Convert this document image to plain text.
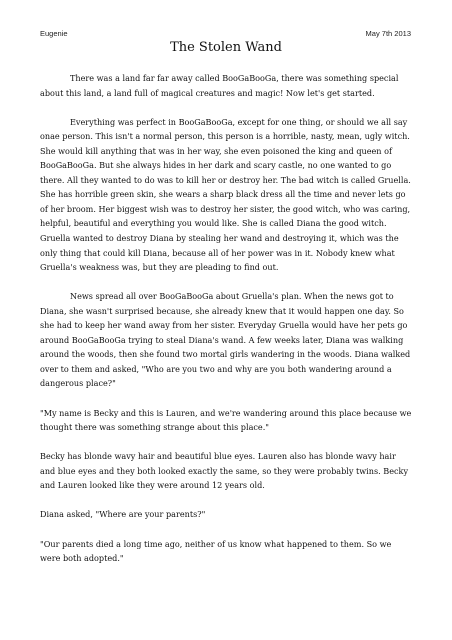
Eugenie	May 7th 2013
The Stolen Wand

There was a land far far away called BooGaBooGa, there was something special about this land, a land full of magical creatures and magic! Now let's get started.

Everything was perfect in BooGaBooGa, except for one thing, or should we all say onae person. This isn't a normal person, this person is a horrible, nasty, mean, ugly witch. She would kill anything that was in her way, she even poisoned the king and queen of BooGaBooGa. But she always hides in her dark and scary castle, no one wanted to go there. All they wanted to do was to kill her or destroy her. The bad witch is called Gruella. She has horrible green skin, she wears a sharp black dress all the time and never lets go of her broom. Her biggest wish was to destroy her sister, the good witch, who was caring, helpful, beautiful and everything you would like. She is called Diana the good witch. Gruella wanted to destroy Diana by stealing her wand and destroying it, which was the only thing that could kill Diana, because all of her power was in it. Nobody knew what Gruella's weakness was, but they are pleading to find out.

News spread all over BooGaBooGa about Gruella's plan. When the news got to Diana, she wasn't surprised because, she already knew that it would happen one day. So she had to keep her wand away from her sister. Everyday Gruella would have her pets go around BooGaBooGa trying to steal Diana's wand. A few weeks later, Diana was walking around the woods, then she found two mortal girls wandering in the woods. Diana walked over to them and asked, "Who are you two and why are you both wandering around a dangerous place?"

"My name is Becky and this is Lauren, and we're wandering around this place because we thought there was something strange about this place."

Becky has blonde wavy hair and beautiful blue eyes. Lauren also has blonde wavy hair and blue eyes and they both looked exactly the same, so they were probably twins. Becky and Lauren looked like they were around 12 years old.

Diana asked, "Where are your parents?"

"Our parents died a long time ago, neither of us know what happened to them. So we were both adopted."
